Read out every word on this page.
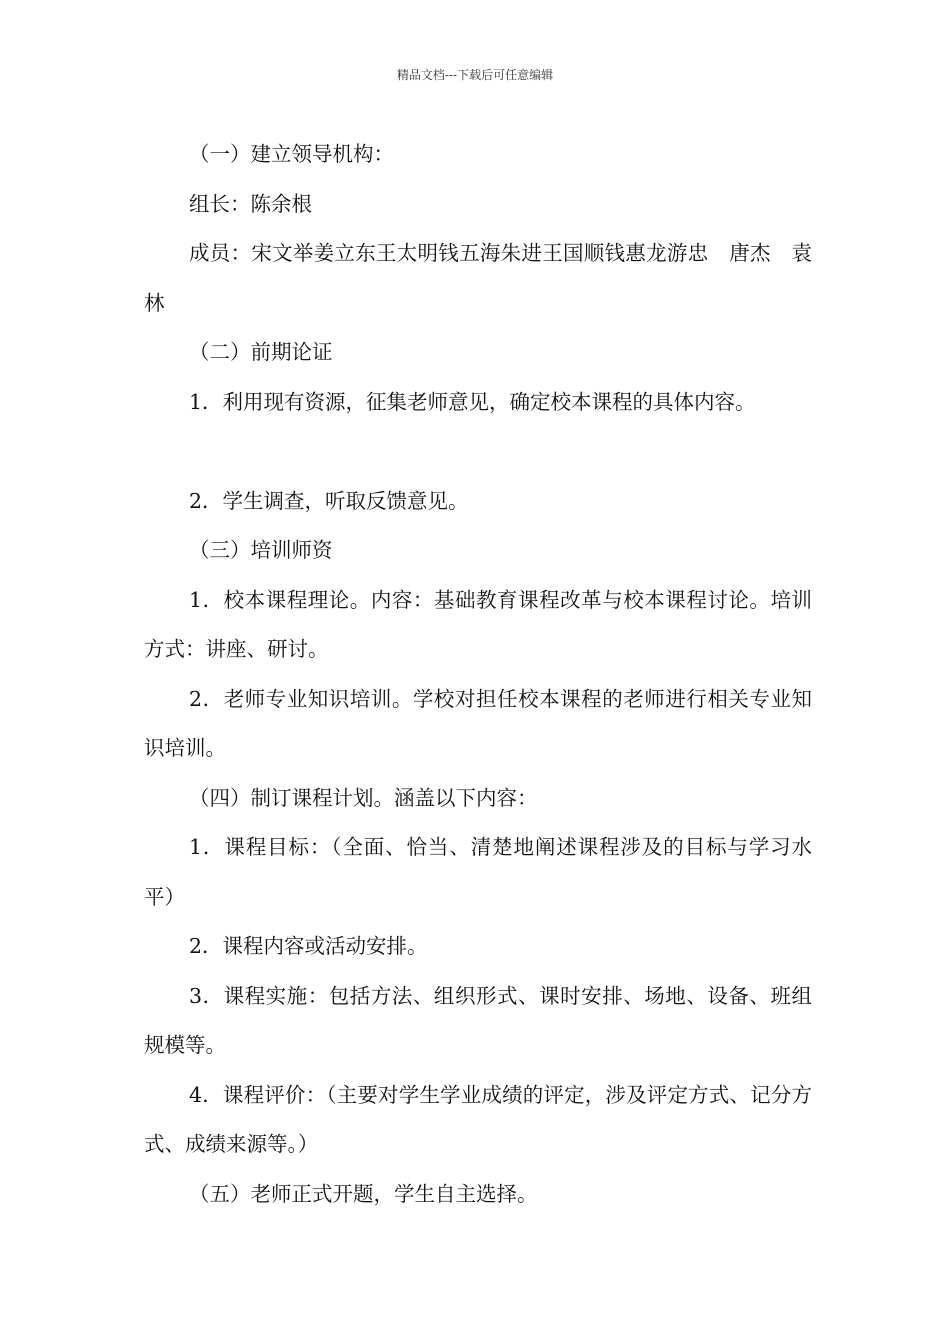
精品文档---下载后可任意编辑

（一）建立领导机构：

组长：陈余根

成员：宋文举姜立东王太明钱五海朱进王国顺钱惠龙游忠　唐杰　袁林

（二）前期论证

1．利用现有资源，征集老师意见，确定校本课程的具体内容。

2．学生调查，听取反馈意见。

（三）培训师资

1．校本课程理论。内容：基础教育课程改革与校本课程讨论。培训方式：讲座、研讨。

2．老师专业知识培训。学校对担任校本课程的老师进行相关专业知识培训。

（四）制订课程计划。涵盖以下内容：

1．课程目标：（全面、恰当、清楚地阐述课程涉及的目标与学习水平）

2．课程内容或活动安排。

3．课程实施：包括方法、组织形式、课时安排、场地、设备、班组规模等。

4．课程评价：（主要对学生学业成绩的评定，涉及评定方式、记分方式、成绩来源等。）

（五）老师正式开题，学生自主选择。
